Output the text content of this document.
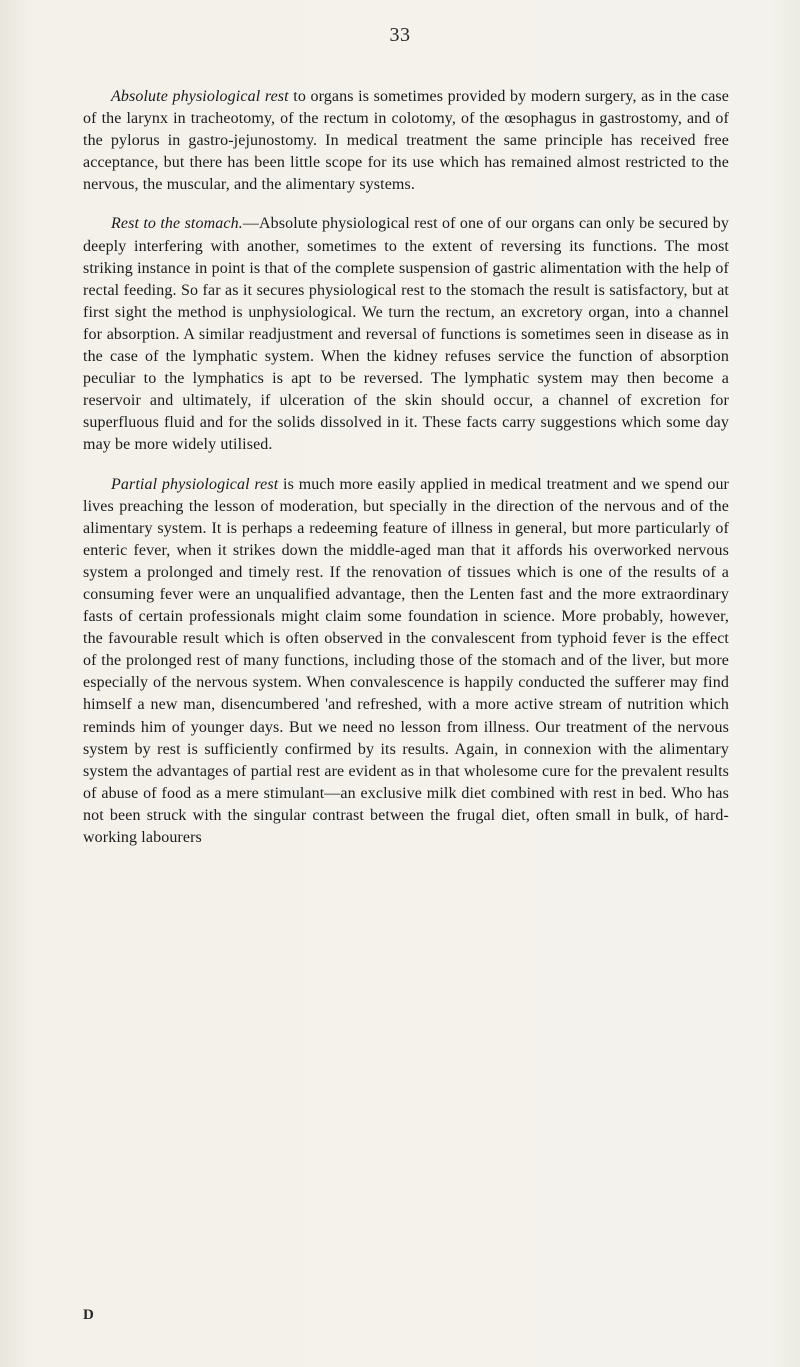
33

Absolute physiological rest to organs is sometimes provided by modern surgery, as in the case of the larynx in tracheotomy, of the rectum in colotomy, of the œsophagus in gastrostomy, and of the pylorus in gastro-jejunostomy. In medical treatment the same principle has received free acceptance, but there has been little scope for its use which has remained almost restricted to the nervous, the muscular, and the alimentary systems.

Rest to the stomach.—Absolute physiological rest of one of our organs can only be secured by deeply interfering with another, sometimes to the extent of reversing its functions. The most striking instance in point is that of the complete suspension of gastric alimentation with the help of rectal feeding. So far as it secures physiological rest to the stomach the result is satisfactory, but at first sight the method is unphysiological. We turn the rectum, an excretory organ, into a channel for absorption. A similar readjustment and reversal of functions is sometimes seen in disease as in the case of the lymphatic system. When the kidney refuses service the function of absorption peculiar to the lymphatics is apt to be reversed. The lymphatic system may then become a reservoir and ultimately, if ulceration of the skin should occur, a channel of excretion for superfluous fluid and for the solids dissolved in it. These facts carry suggestions which some day may be more widely utilised.

Partial physiological rest is much more easily applied in medical treatment and we spend our lives preaching the lesson of moderation, but specially in the direction of the nervous and of the alimentary system. It is perhaps a redeeming feature of illness in general, but more particularly of enteric fever, when it strikes down the middle-aged man that it affords his overworked nervous system a prolonged and timely rest. If the renovation of tissues which is one of the results of a consuming fever were an unqualified advantage, then the Lenten fast and the more extraordinary fasts of certain professionals might claim some foundation in science. More probably, however, the favourable result which is often observed in the convalescent from typhoid fever is the effect of the prolonged rest of many functions, including those of the stomach and of the liver, but more especially of the nervous system. When convalescence is happily conducted the sufferer may find himself a new man, disencumbered 'and refreshed, with a more active stream of nutrition which reminds him of younger days. But we need no lesson from illness. Our treatment of the nervous system by rest is sufficiently confirmed by its results. Again, in connexion with the alimentary system the advantages of partial rest are evident as in that wholesome cure for the prevalent results of abuse of food as a mere stimulant—an exclusive milk diet combined with rest in bed. Who has not been struck with the singular contrast between the frugal diet, often small in bulk, of hard-working labourers

D
